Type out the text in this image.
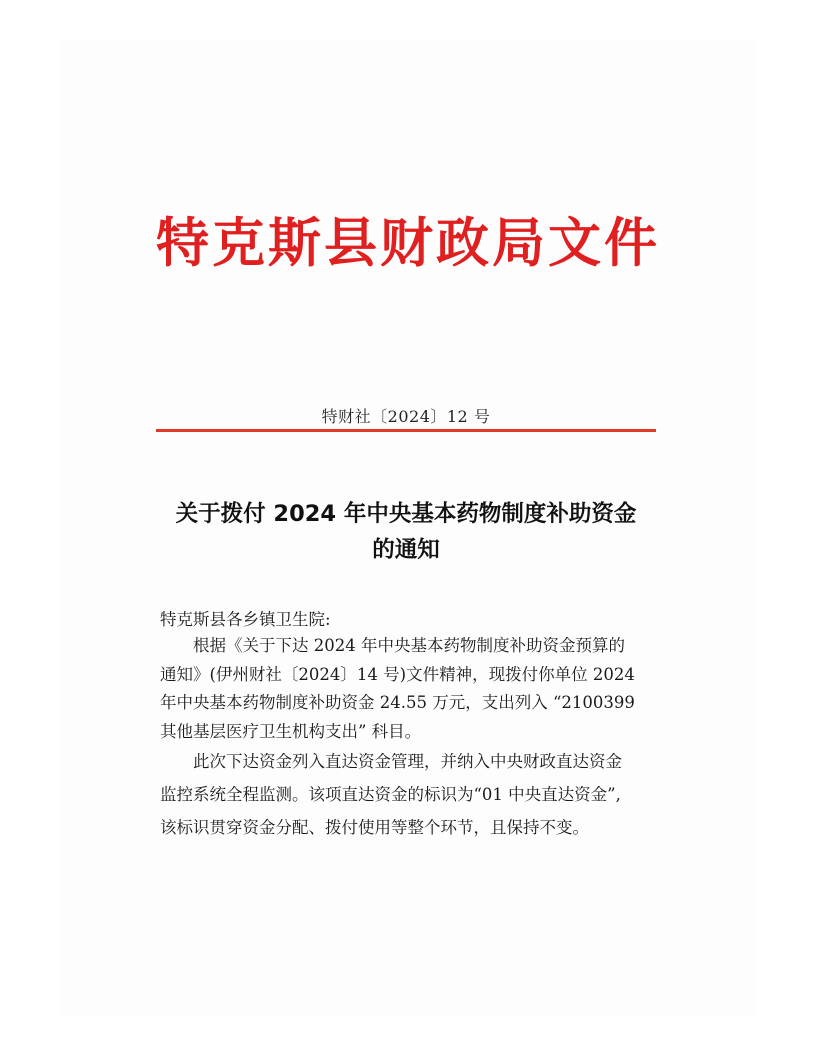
特克斯县财政局文件
特财社〔2024〕12 号
关于拨付 2024 年中央基本药物制度补助资金
的通知
特克斯县各乡镇卫生院:
根据《关于下达 2024 年中央基本药物制度补助资金预算的
通知》(伊州财社〔2024〕14 号)文件精神，现拨付你单位 2024
年中央基本药物制度补助资金 24.55 万元，支出列入 “2100399
其他基层医疗卫生机构支出” 科目。
此次下达资金列入直达资金管理，并纳入中央财政直达资金
监控系统全程监测。该项直达资金的标识为“01 中央直达资金”,
该标识贯穿资金分配、拨付使用等整个环节，且保持不变。
